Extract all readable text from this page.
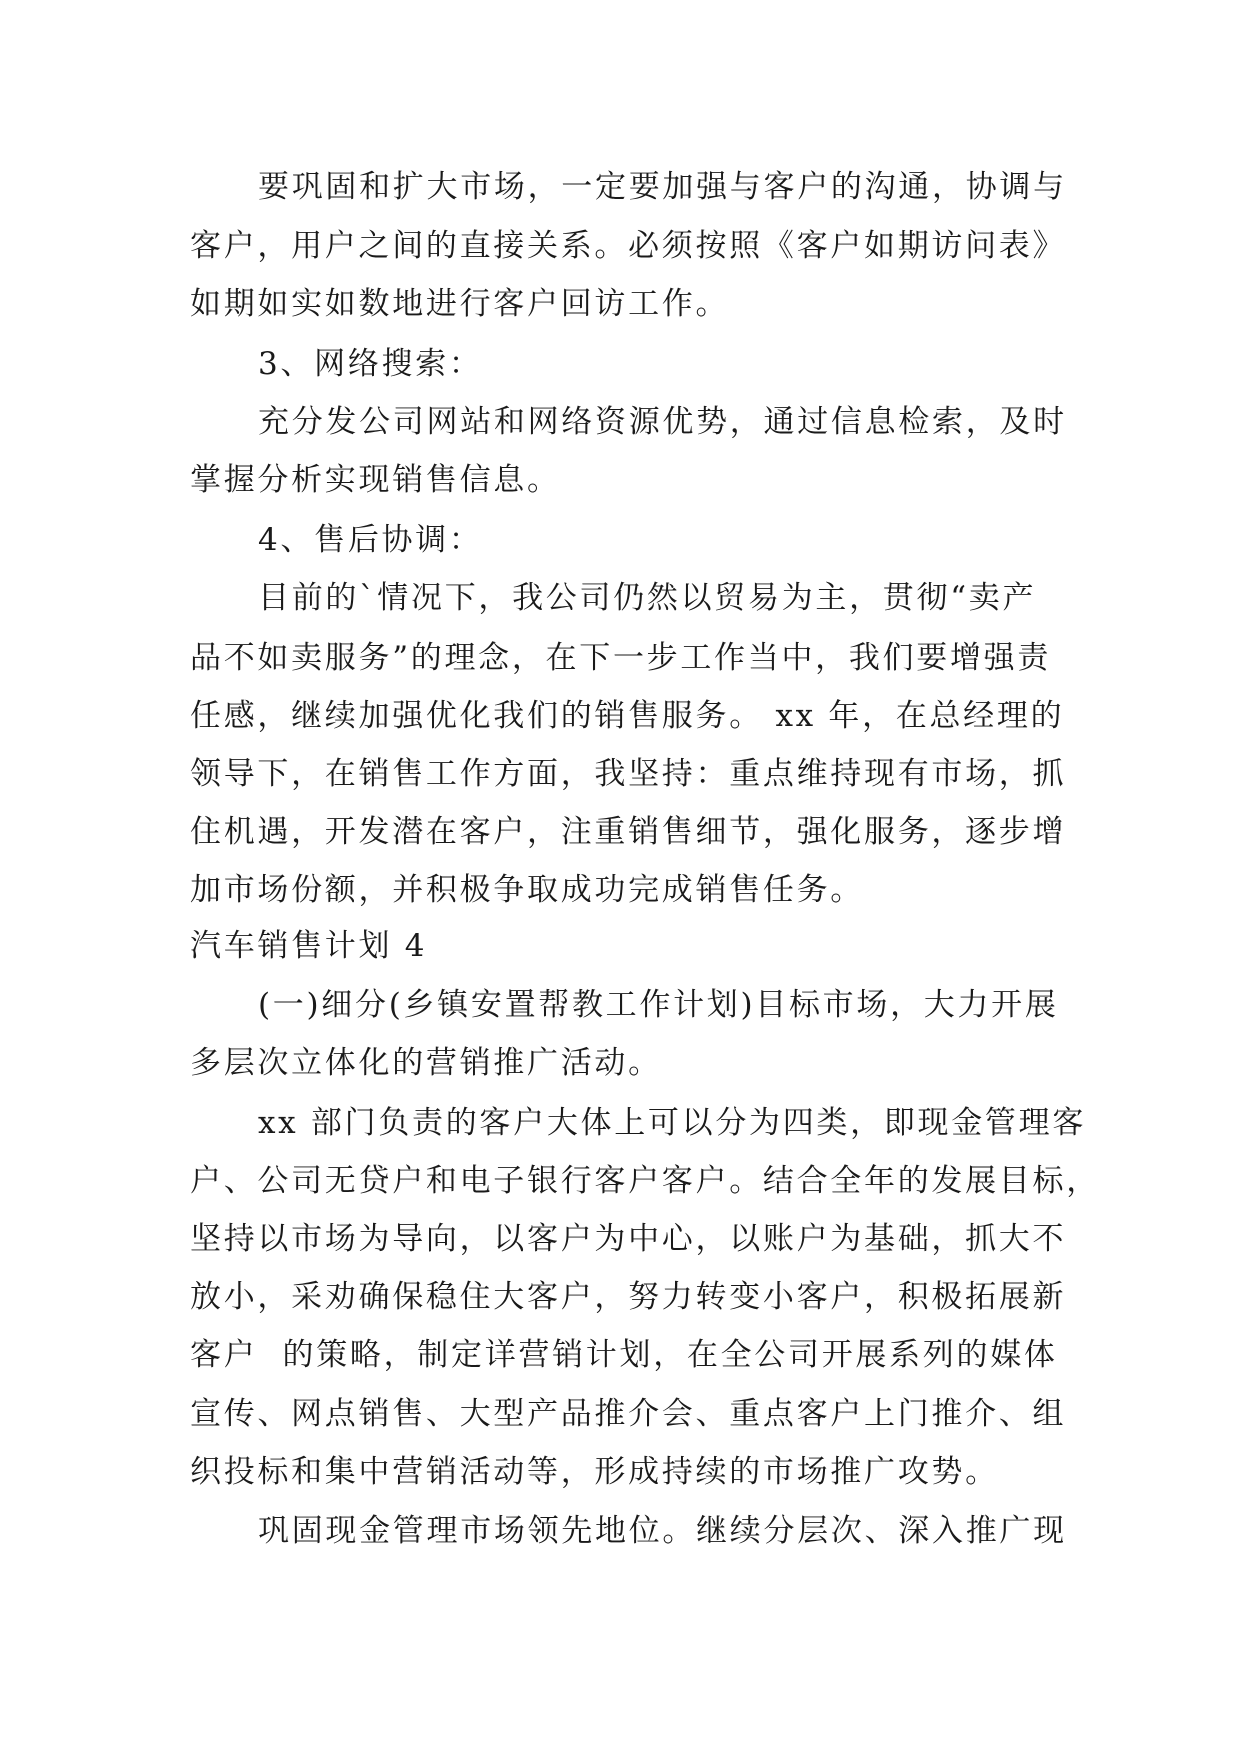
要巩固和扩大市场，一定要加强与客户的沟通，协调与
客户，用户之间的直接关系。必须按照《客户如期访问表》
如期如实如数地进行客户回访工作。
3、网络搜索：
充分发公司网站和网络资源优势，通过信息检索，及时
掌握分析实现销售信息。
4、售后协调：
目前的`情况下，我公司仍然以贸易为主，贯彻“卖产
品不如卖服务”的理念，在下一步工作当中，我们要增强责
任感，继续加强优化我们的销售服务。 xx 年，在总经理的
领导下，在销售工作方面，我坚持：重点维持现有市场，抓
住机遇，开发潜在客户，注重销售细节，强化服务，逐步增
加市场份额，并积极争取成功完成销售任务。
汽车销售计划 4
(一)细分(乡镇安置帮教工作计划)目标市场，大力开展
多层次立体化的营销推广活动。
xx 部门负责的客户大体上可以分为四类，即现金管理客
户、公司无贷户和电子银行客户客户。结合全年的发展目标，
坚持以市场为导向，以客户为中心，以账户为基础，抓大不
放小，采劝确保稳住大客户，努力转变小客户，积极拓展新
客户  的策略，制定详营销计划，在全公司开展系列的媒体
宣传、网点销售、大型产品推介会、重点客户上门推介、组
织投标和集中营销活动等，形成持续的市场推广攻势。
巩固现金管理市场领先地位。继续分层次、深入推广现
